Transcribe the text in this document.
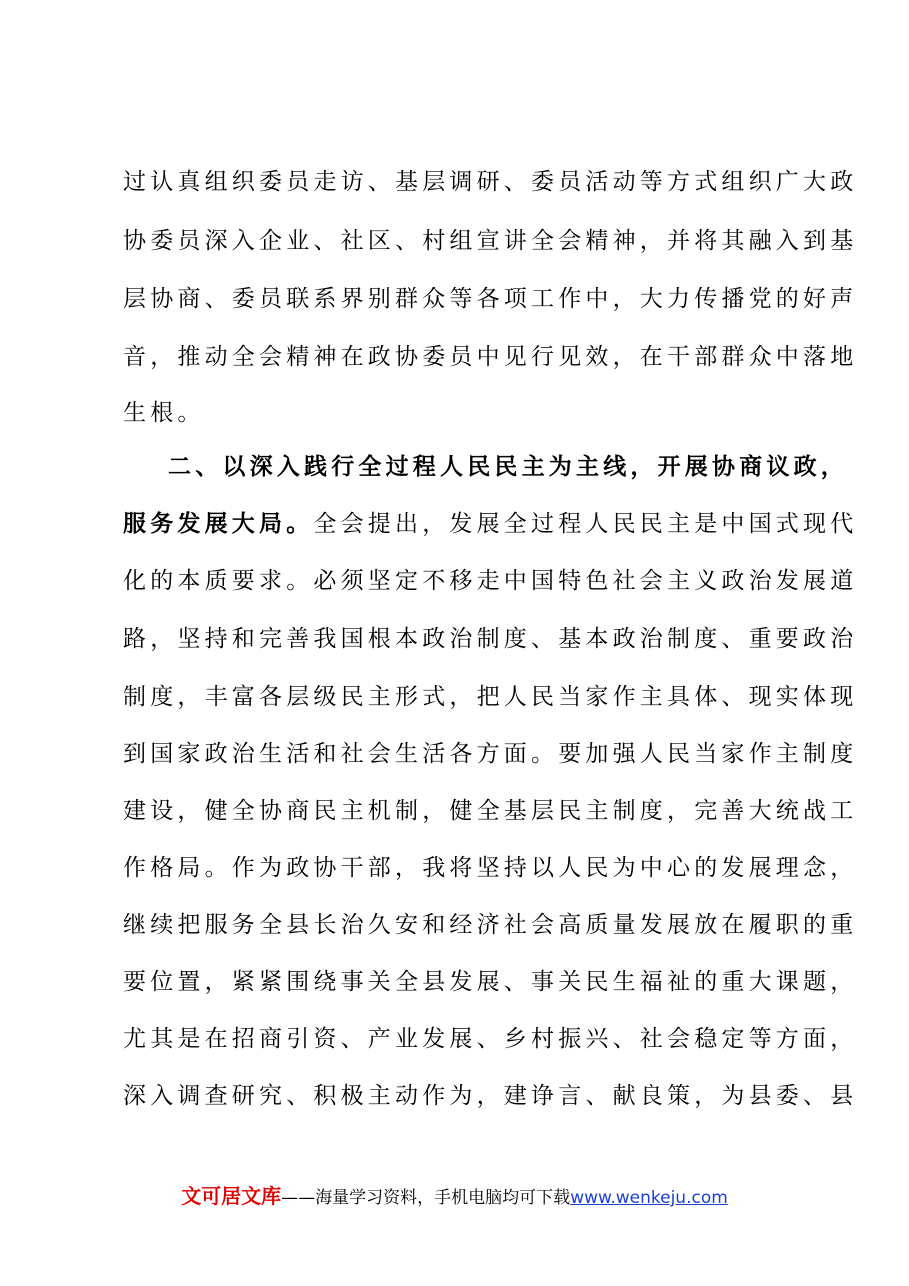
过认真组织委员走访、基层调研、委员活动等方式组织广大政
协委员深入企业、社区、村组宣讲全会精神，并将其融入到基
层协商、委员联系界别群众等各项工作中，大力传播党的好声
音，推动全会精神在政协委员中见行见效，在干部群众中落地
生根。
二、以深入践行全过程人民民主为主线，开展协商议政，
服务发展大局。全会提出，发展全过程人民民主是中国式现代
化的本质要求。必须坚定不移走中国特色社会主义政治发展道
路，坚持和完善我国根本政治制度、基本政治制度、重要政治
制度，丰富各层级民主形式，把人民当家作主具体、现实体现
到国家政治生活和社会生活各方面。要加强人民当家作主制度
建设，健全协商民主机制，健全基层民主制度，完善大统战工
作格局。作为政协干部，我将坚持以人民为中心的发展理念，
继续把服务全县长治久安和经济社会高质量发展放在履职的重
要位置，紧紧围绕事关全县发展、事关民生福祉的重大课题，
尤其是在招商引资、产业发展、乡村振兴、社会稳定等方面，
深入调查研究、积极主动作为，建诤言、献良策，为县委、县
文可居文库——海量学习资料，手机电脑均可下载www.wenkeju.com
